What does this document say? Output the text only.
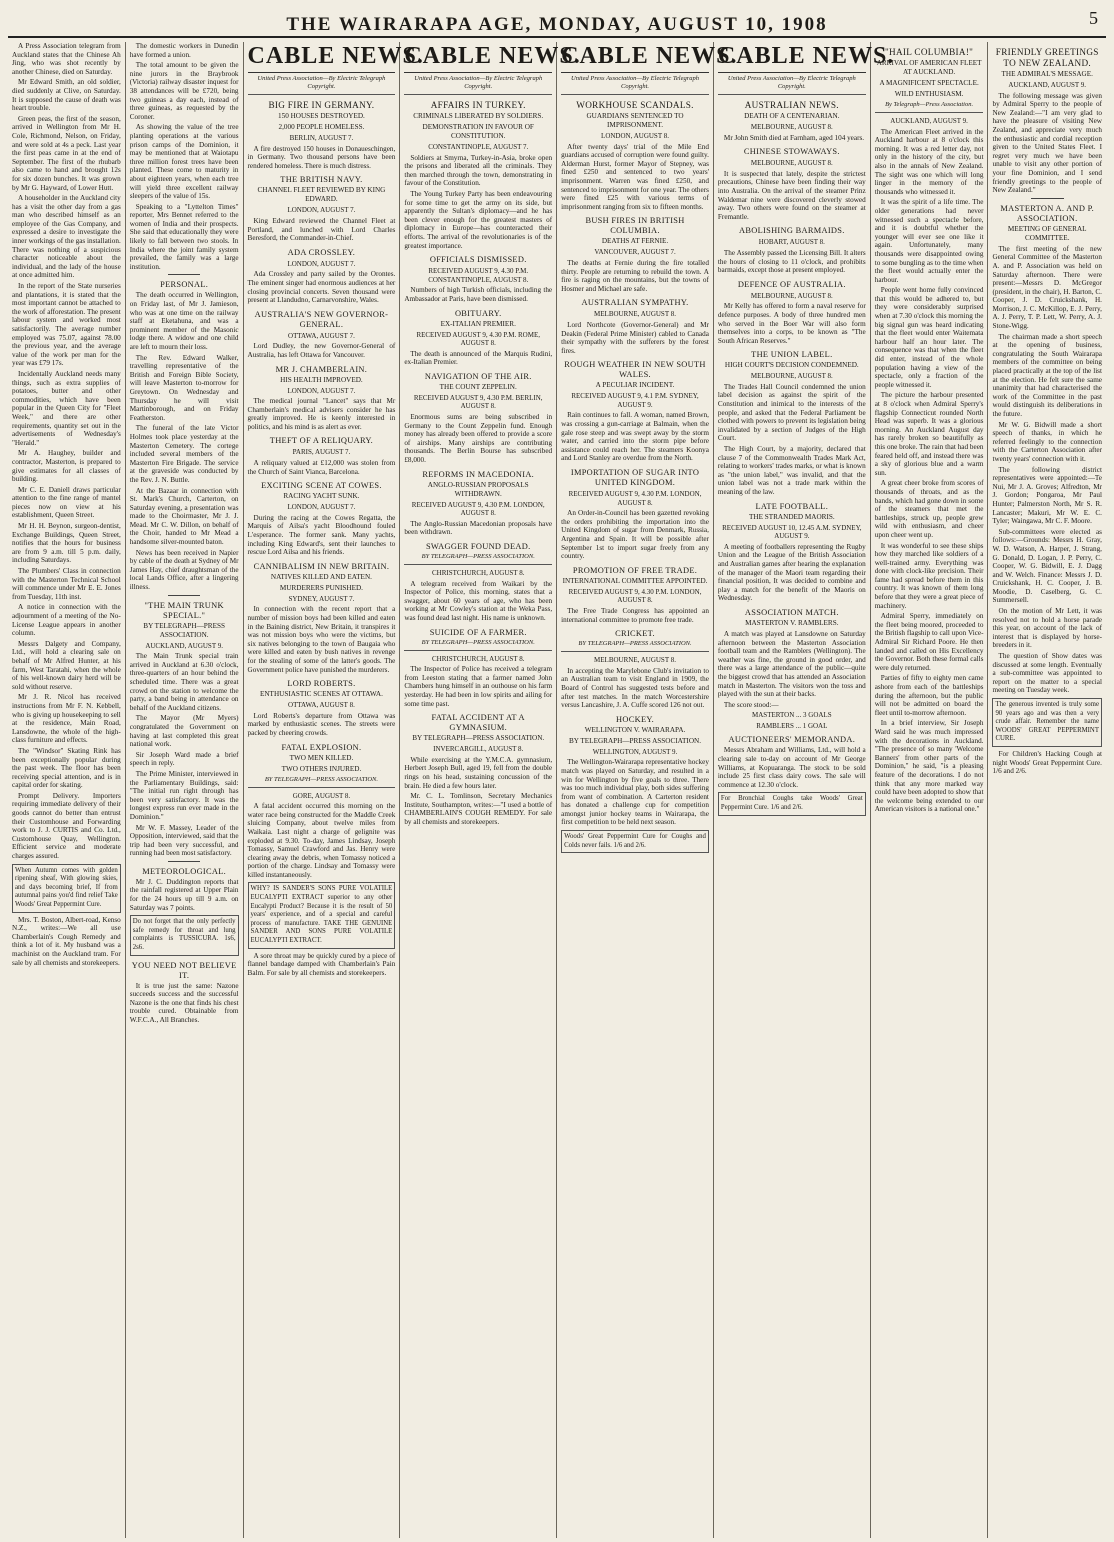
THE WAIRARAPA AGE, MONDAY, AUGUST 10, 1908	5

A Press Association telegram from Auckland states that the Chinese Ah Jing, who was shot recently by another Chinese, died on Saturday.

Mr Edward Smith, an old soldier, died suddenly at Clive, on Saturday. It is supposed the cause of death was heart trouble.

Green peas, the first of the season, arrived in Wellington from Mr H. Cole, Richmond, Nelson, on Friday, and were sold at 4s a peck. Last year the first peas came in at the end of September. The first of the rhubarb also came to hand and brought 12s for six dozen bunches. It was grown by Mr G. Hayward, of Lower Hutt.

A householder in the Auckland city has a visit the other day from a gas man who described himself as an employee of the Gas Company, and expressed a desire to investigate the inner workings of the gas installation. There was nothing of a suspicious character noticeable about the individual, and the lady of the house at once admitted him.

In the report of the State nurseries and plantations, it is stated that the most important cannot be attached to the work of afforestation. The present labour system and worked most satisfactorily. The average number employed was 75.07, against 78.00 the previous year, and the average value of the work per man for the year was £79 17s.

Incidentally Auckland needs many things, such as extra supplies of potatoes, butter and other commodities, which have been popular in the Queen City for "Fleet Week," and there are other requirements, quantity set out in the advertisements of Wednesday's "Herald."

Mr A. Haughey, builder and contractor, Masterton, is prepared to give estimates for all classes of building.

Mr C. E. Daniell draws particular attention to the fine range of mantel pieces now on view at his establishment, Queen Street.

Mr H. H. Beynon, surgeon-dentist, Exchange Buildings, Queen Street, notifies that the hours for business are from 9 a.m. till 5 p.m. daily, including Saturdays.

The Plumbers' Class in connection with the Masterton Technical School will commence under Mr E. E. Jones from Tuesday, 11th inst.

A notice in connection with the adjournment of a meeting of the No-License League appears in another column.

Messrs Dalgety and Company, Ltd., will hold a clearing sale on behalf of Mr Alfred Hunter, at his farm, West Taratahi, when the whole of his well-known dairy herd will be sold without reserve.

Mr J. R. Nicol has received instructions from Mr F. N. Kebbell, who is giving up housekeeping to sell at the residence, Main Road, Lansdowne, the whole of the high-class furniture and effects.

The "Windsor" Skating Rink has been exceptionally popular during the past week. The floor has been receiving special attention, and is in capital order for skating.

Prompt Delivery. Importers requiring immediate delivery of their goods cannot do better than entrust their Customhouse and Forwarding work to J. J. CURTIS and Co. Ltd., Customhouse Quay, Wellington. Efficient service and moderate charges assured.

When Autumn comes with golden ripening sheaf, With glowing skies, and days becoming brief, If from autumnal pains you'd find relief Take Woods' Great Peppermint Cure.

Mrs. T. Boston, Albert-road, Kenso N.Z., writes:—We all use Chamberlain's Cough Remedy and think a lot of it. My husband was a machinist on the Auckland tram. For sale by all chemists and storekeepers.

The domestic workers in Dunedin have formed a union.

The total amount to be given the nine jurors in the Braybrook (Victoria) railway disaster inquest for 38 attendances will be £720, being two guineas a day each, instead of three guineas, as requested by the Coroner.

As showing the value of the tree planting operations at the various prison camps of the Dominion, it may be mentioned that at Waiotapu three million forest trees have been planted. These come to maturity in about eighteen years, when each tree will yield three excellent railway sleepers of the value of 15s.

Speaking to a "Lyttelton Times" reporter, Mrs Bennet referred to the women of India and their prospects. She said that educationally they were likely to fall between two stools. In India where the joint family system prevailed, the family was a large institution.

PERSONAL.

The death occurred in Wellington, on Friday last, of Mr J. Jamieson, who was at one time on the railway staff at Eketahuna, and was a prominent member of the Masonic lodge there. A widow and one child are left to mourn their loss.

The Rev. Edward Walker, travelling representative of the British and Foreign Bible Society, will leave Masterton to-morrow for Greytown. On Wednesday and Thursday he will visit Martinborough, and on Friday Featherston.

The funeral of the late Victor Holmes took place yesterday at the Masterton Cemetery. The cortege included several members of the Masterton Fire Brigade. The service at the graveside was conducted by the Rev. J. N. Buttle.

At the Bazaar in connection with St. Mark's Church, Carterton, on Saturday evening, a presentation was made to the Choirmaster, Mr J. J. Mead. Mr C. W. Dillon, on behalf of the Choir, handed to Mr Mead a handsome silver-mounted baton.

News has been received in Napier by cable of the death at Sydney of Mr James Hay, chief draughtsman of the local Lands Office, after a lingering illness.

"THE MAIN TRUNK SPECIAL."
BY TELEGRAPH—PRESS ASSOCIATION.
AUCKLAND, AUGUST 9.

The Main Trunk special train arrived in Auckland at 6.30 o'clock, three-quarters of an hour behind the scheduled time. There was a great crowd on the station to welcome the party, a band being in attendance on behalf of the Auckland citizens.

The Mayor (Mr Myers) congratulated the Government on having at last completed this great national work.

Sir Joseph Ward made a brief speech in reply.

The Prime Minister, interviewed in the Parliamentary Buildings, said: "The initial run right through has been very satisfactory. It was the longest express run ever made in the Dominion."

Mr W. F. Massey, Leader of the Opposition, interviewed, said that the trip had been very successful, and running had been most satisfactory.

METEOROLOGICAL.

Mr J. C. Duddington reports that the rainfall registered at Upper Plain for the 24 hours up till 9 a.m. on Saturday was 7 points.

Do not forget that the only perfectly safe remedy for throat and lung complaints is TUSSICURA. 1s6, 2s6.
YOU NEED NOT BELIEVE IT.

It is true just the same: Nazone succeeds success and the successful Nazone is the one that finds his chest trouble cured. Obtainable from W.F.C.A., All Branches.

CABLE NEWS.
United Press Association—By Electric Telegraph Copyright.
BIG FIRE IN GERMANY.
150 HOUSES DESTROYED.
2,000 PEOPLE HOMELESS.
BERLIN, AUGUST 7.

A fire destroyed 150 houses in Donaueschingen, in Germany. Two thousand persons have been rendered homeless. There is much distress.

THE BRITISH NAVY.
CHANNEL FLEET REVIEWED BY KING EDWARD.
LONDON, AUGUST 7.

King Edward reviewed the Channel Fleet at Portland, and lunched with Lord Charles Beresford, the Commander-in-Chief.

ADA CROSSLEY.
LONDON, AUGUST 7.

Ada Crossley and party sailed by the Orontes. The eminent singer had enormous audiences at her closing provincial concerts. Seven thousand were present at Llandudno, Carnarvonshire, Wales.

AUSTRALIA'S NEW GOVERNOR-GENERAL.
OTTAWA, AUGUST 7.

Lord Dudley, the new Governor-General of Australia, has left Ottawa for Vancouver.

MR J. CHAMBERLAIN.
HIS HEALTH IMPROVED.
LONDON, AUGUST 7.

The medical journal "Lancet" says that Mr Chamberlain's medical advisers consider he has greatly improved. He is keenly interested in politics, and his mind is as alert as ever.

THEFT OF A RELIQUARY.
PARIS, AUGUST 7.

A reliquary valued at £12,000 was stolen from the Church of Saint Vianca, Barcelona.

EXCITING SCENE AT COWES.
RACING YACHT SUNK.
LONDON, AUGUST 7.

During the racing at the Cowes Regatta, the Marquis of Ailsa's yacht Bloodhound fouled L'esperance. The former sank. Many yachts, including King Edward's, sent their launches to rescue Lord Ailsa and his friends.

CANNIBALISM IN NEW BRITAIN.
NATIVES KILLED AND EATEN.
MURDERERS PUNISHED.
SYDNEY, AUGUST 7.

In connection with the recent report that a number of mission boys had been killed and eaten in the Baining district, New Britain, it transpires it was not mission boys who were the victims, but six natives belonging to the town of Baugaia who were killed and eaten by bush natives in revenge for the stealing of some of the latter's goods. The Government police have punished the murderers.

LORD ROBERTS.
ENTHUSIASTIC SCENES AT OTTAWA.
OTTAWA, AUGUST 8.

Lord Roberts's departure from Ottawa was marked by enthusiastic scenes. The streets were packed by cheering crowds.

FATAL EXPLOSION.
TWO MEN KILLED.
TWO OTHERS INJURED.
BY TELEGRAPH—PRESS ASSOCIATION.
GORE, AUGUST 8.

A fatal accident occurred this morning on the water race being constructed for the Maddle Creek sluicing Company, about twelve miles from Waikaia. Last night a charge of gelignite was exploded at 9.30. To-day, James Lindsay, Joseph Tomassy, Samuel Crawford and Jas. Henry were clearing away the debris, when Tomassy noticed a portion of the charge. Lindsay and Tomassy were killed instantaneously.

WHY? IS SANDER'S SONS PURE VOLATILE EUCALYPTI EXTRACT superior to any other Eucalypti Product? Because it is the result of 50 years' experience, and of a special and careful process of manufacture. TAKE THE GENUINE SANDER AND SONS PURE VOLATILE EUCALYPTI EXTRACT.

A sore throat may be quickly cured by a piece of flannel bandage damped with Chamberlain's Pain Balm. For sale by all chemists and storekeepers.

CABLE NEWS.
United Press Association—By Electric Telegraph Copyright.
AFFAIRS IN TURKEY.
CRIMINALS LIBERATED BY SOLDIERS.
DEMONSTRATION IN FAVOUR OF CONSTITUTION.
CONSTANTINOPLE, AUGUST 7.

Soldiers at Smyrna, Turkey-in-Asia, broke open the prisons and liberated all the criminals. They then marched through the town, demonstrating in favour of the Constitution.

The Young Turkey Party has been endeavouring for some time to get the army on its side, but apparently the Sultan's diplomacy—and he has been clever enough for the greatest masters of diplomacy in Europe—has counteracted their efforts. The arrival of the revolutionaries is of the greatest importance.

OFFICIALS DISMISSED.
RECEIVED AUGUST 9, 4.30 P.M. CONSTANTINOPLE, AUGUST 8.

Numbers of high Turkish officials, including the Ambassador at Paris, have been dismissed.

OBITUARY.
EX-ITALIAN PREMIER.
RECEIVED AUGUST 9, 4.30 P.M. ROME, AUGUST 8.

The death is announced of the Marquis Rudini, ex-Italian Premier.

NAVIGATION OF THE AIR.
THE COUNT ZEPPELIN.
RECEIVED AUGUST 9, 4.30 P.M. BERLIN, AUGUST 8.

Enormous sums are being subscribed in Germany to the Count Zeppelin fund. Enough money has already been offered to provide a score of airships. Many airships are contributing thousands. The Berlin Bourse has subscribed £8,000.

REFORMS IN MACEDONIA.
ANGLO-RUSSIAN PROPOSALS WITHDRAWN.
RECEIVED AUGUST 9, 4.30 P.M. LONDON, AUGUST 8.

The Anglo-Russian Macedonian proposals have been withdrawn.

SWAGGER FOUND DEAD.
BY TELEGRAPH—PRESS ASSOCIATION.
CHRISTCHURCH, AUGUST 8.

A telegram received from Waikari by the Inspector of Police, this morning, states that a swagger, about 60 years of age, who has been working at Mr Cowley's station at the Weka Pass, was found dead last night. His name is unknown.

SUICIDE OF A FARMER.
BY TELEGRAPH—PRESS ASSOCIATION.
CHRISTCHURCH, AUGUST 8.

The Inspector of Police has received a telegram from Leeston stating that a farmer named John Chambers hung himself in an outhouse on his farm yesterday. He had been in low spirits and ailing for some time past.

FATAL ACCIDENT AT A GYMNASIUM.
BY TELEGRAPH—PRESS ASSOCIATION.
INVERCARGILL, AUGUST 8.

While exercising at the Y.M.C.A. gymnasium, Herbert Joseph Bull, aged 19, fell from the double rings on his head, sustaining concussion of the brain. He died a few hours later.

Mr. C. L. Tomlinson, Secretary Mechanics Institute, Southampton, writes:—"I used a bottle of CHAMBERLAIN'S COUGH REMEDY. For sale by all chemists and storekeepers.

CABLE NEWS.
United Press Association—By Electric Telegraph Copyright.
WORKHOUSE SCANDALS.
GUARDIANS SENTENCED TO IMPRISONMENT.
LONDON, AUGUST 8.

After twenty days' trial of the Mile End guardians accused of corruption were found guilty. Alderman Hurst, former Mayor of Stepney, was fined £250 and sentenced to two years' imprisonment. Warren was fined £250, and sentenced to imprisonment for one year. The others were fined £25 with various terms of imprisonment ranging from six to fifteen months.

BUSH FIRES IN BRITISH COLUMBIA.
DEATHS AT FERNIE.
VANCOUVER, AUGUST 7.

The deaths at Fernie during the fire totalled thirty. People are returning to rebuild the town. A fire is raging on the mountains, but the towns of Hosmer and Michael are safe.

AUSTRALIAN SYMPATHY.
MELBOURNE, AUGUST 8.

Lord Northcote (Governor-General) and Mr Deakin (Federal Prime Minister) cabled to Canada their sympathy with the sufferers by the forest fires.

ROUGH WEATHER IN NEW SOUTH WALES.
A PECULIAR INCIDENT.
RECEIVED AUGUST 9, 4.1 P.M. SYDNEY, AUGUST 9.

Rain continues to fall. A woman, named Brown, was crossing a gun-carriage at Balmain, when the gale rose steep and was swept away by the storm water, and carried into the storm pipe before assistance could reach her. The steamers Koonya and Lord Stanley are overdue from the North.

IMPORTATION OF SUGAR INTO UNITED KINGDOM.
RECEIVED AUGUST 9, 4.30 P.M. LONDON, AUGUST 8.

An Order-in-Council has been gazetted revoking the orders prohibiting the importation into the United Kingdom of sugar from Denmark, Russia, Argentina and Spain. It will be possible after September 1st to import sugar freely from any country.

PROMOTION OF FREE TRADE.
INTERNATIONAL COMMITTEE APPOINTED.
RECEIVED AUGUST 9, 4.30 P.M. LONDON, AUGUST 8.

The Free Trade Congress has appointed an international committee to promote free trade.

CRICKET.
BY TELEGRAPH—PRESS ASSOCIATION.
MELBOURNE, AUGUST 8.

In accepting the Marylebone Club's invitation to an Australian team to visit England in 1909, the Board of Control has suggested tests before and after test matches. In the match Worcestershire versus Lancashire, J. A. Cuffe scored 126 not out.

HOCKEY.
WELLINGTON V. WAIRARAPA.
BY TELEGRAPH—PRESS ASSOCIATION.
WELLINGTON, AUGUST 9.

The Wellington-Wairarapa representative hockey match was played on Saturday, and resulted in a win for Wellington by five goals to three. There was too much individual play, both sides suffering from want of combination. A Carterton resident has donated a challenge cup for competition amongst junior hockey teams in Wairarapa, the first competition to be held next season.

Woods' Great Peppermint Cure for Coughs and Colds never fails. 1/6 and 2/6.
CABLE NEWS.
United Press Association—By Electric Telegraph Copyright.
AUSTRALIAN NEWS.
DEATH OF A CENTENARIAN.
MELBOURNE, AUGUST 8.

Mr John Smith died at Farnham, aged 104 years.

CHINESE STOWAWAYS.
MELBOURNE, AUGUST 8.

It is suspected that lately, despite the strictest precautions, Chinese have been finding their way into Australia. On the arrival of the steamer Prinz Waldemar nine were discovered cleverly stowed away. Two others were found on the steamer at Fremantle.

ABOLISHING BARMAIDS.
HOBART, AUGUST 8.

The Assembly passed the Licensing Bill. It alters the hours of closing to 11 o'clock, and prohibits barmaids, except those at present employed.

DEFENCE OF AUSTRALIA.
MELBOURNE, AUGUST 8.

Mr Kelly has offered to form a naval reserve for defence purposes. A body of three hundred men who served in the Boer War will also form themselves into a corps, to be known as "The South African Reserves."

THE UNION LABEL.
HIGH COURT'S DECISION CONDEMNED.
MELBOURNE, AUGUST 8.

The Trades Hall Council condemned the union label decision as against the spirit of the Constitution and inimical to the interests of the people, and asked that the Federal Parliament be clothed with powers to prevent its legislation being invalidated by a section of Judges of the High Court.

The High Court, by a majority, declared that clause 7 of the Commonwealth Trades Mark Act, relating to workers' trades marks, or what is known as "the union label," was invalid, and that the union label was not a trade mark within the meaning of the law.

LATE FOOTBALL.
THE STRANDED MAORIS.
RECEIVED AUGUST 10, 12.45 A.M. SYDNEY, AUGUST 9.

A meeting of footballers representing the Rugby Union and the League of the British Association and Australian games after hearing the explanation of the manager of the Maori team regarding their financial position, It was decided to combine and play a match for the benefit of the Maoris on Wednesday.

ASSOCIATION MATCH.
MASTERTON V. RAMBLERS.

A match was played at Lansdowne on Saturday afternoon between the Masterton Association football team and the Ramblers (Wellington). The weather was fine, the ground in good order, and there was a large attendance of the public—quite the biggest crowd that has attended an Association match in Masterton. The visitors won the toss and played with the sun at their backs.

The score stood:—

MASTERTON ... 3 GOALS
RAMBLERS ... 1 GOAL
AUCTIONEERS' MEMORANDA.

Messrs Abraham and Williams, Ltd., will hold a clearing sale to-day on account of Mr George Williams, at Kopuaranga. The stock to be sold include 25 first class dairy cows. The sale will commence at 12.30 o'clock.

For Bronchial Coughs take Woods' Great Peppermint Cure. 1/6 and 2/6.
"HAIL COLUMBIA!"
ARRIVAL OF AMERICAN FLEET AT AUCKLAND.
A MAGNIFICENT SPECTACLE.
WILD ENTHUSIASM.
By Telegraph—Press Association.
AUCKLAND, AUGUST 9.

The American Fleet arrived in the Auckland harbour at 8 o'clock this morning. It was a red letter day, not only in the history of the city, but also in the annals of New Zealand. The sight was one which will long linger in the memory of the thousands who witnessed it.

It was the spirit of a life time. The older generations had never witnessed such a spectacle before, and it is doubtful whether the younger will ever see one like it again. Unfortunately, many thousands were disappointed owing to some bungling as to the time when the fleet would actually enter the harbour.

People went home fully convinced that this would be adhered to, but they were considerably surprised when at 7.30 o'clock this morning the big signal gun was heard indicating that the fleet would enter Waitemata harbour half an hour later. The consequence was that when the fleet did enter, instead of the whole population having a view of the spectacle, only a fraction of the people witnessed it.

The picture the harbour presented at 8 o'clock when Admiral Sperry's flagship Connecticut rounded North Head was superb. It was a glorious morning. An Auckland August day has rarely broken so beautifully as this one broke. The rain that had been feared held off, and instead there was a sky of glorious blue and a warm sun.

A great cheer broke from scores of thousands of throats, and as the bands, which had gone down in some of the steamers that met the battleships, struck up, people grew wild with enthusiasm, and cheer upon cheer went up.

It was wonderful to see these ships how they marched like soldiers of a well-trained army. Everything was done with clock-like precision. Their fame had spread before them in this country. It was known of them long before that they were a great piece of machinery.

Admiral Sperry, immediately on the fleet being moored, proceeded to the British flagship to call upon Vice-Admiral Sir Richard Poore. He then landed and called on His Excellency the Governor. Both these formal calls were duly returned.

Parties of fifty to eighty men came ashore from each of the battleships during the afternoon, but the public will not be admitted on board the fleet until to-morrow afternoon.

In a brief interview, Sir Joseph Ward said he was much impressed with the decorations in Auckland. "The presence of so many 'Welcome Banners' from other parts of the Dominion," he said, "is a pleasing feature of the decorations. I do not think that any more marked way could have been adopted to show that the welcome being extended to our American visitors is a national one."

FRIENDLY GREETINGS TO NEW ZEALAND.
THE ADMIRAL'S MESSAGE.
AUCKLAND, AUGUST 9.

The following message was given by Admiral Sperry to the people of New Zealand:—"I am very glad to have the pleasure of visiting New Zealand, and appreciate very much the enthusiastic and cordial reception given to the United States Fleet. I regret very much we have been unable to visit any other portion of your fine Dominion, and I send friendly greetings to the people of New Zealand."

MASTERTON A. AND P. ASSOCIATION.
MEETING OF GENERAL COMMITTEE.

The first meeting of the new General Committee of the Masterton A. and P. Association was held on Saturday afternoon. There were present:—Messrs D. McGregor (president, in the chair), H. Barton, C. Cooper, J. D. Cruickshank, H. Morrison, J. C. McKillop, E. J. Perry, A. J. Perry, T. P. Lett, W. Perry, A. J. Stone-Wigg.

The chairman made a short speech at the opening of business, congratulating the South Wairarapa members of the committee on being placed practically at the top of the list at the election. He felt sure the same unanimity that had characterised the work of the Committee in the past would distinguish its deliberations in the future.

Mr W. G. Bidwill made a short speech of thanks, in which he referred feelingly to the connection with the Carterton Association after twenty years' connection with it.

The following district representatives were appointed:—Te Nui, Mr J. A. Groves; Alfredton, Mr J. Gordon; Pongaroa, Mr Paul Hunter; Palmerston North, Mr S. R. Lancaster; Makuri, Mr W. E. C. Tyler; Waingawa, Mr C. F. Moore.

Sub-committees were elected as follows:—Grounds: Messrs H. Gray, W. D. Watson, A. Harper, J. Strang, G. Donald, D. Logan, J. P. Perry, C. Cooper, W. G. Bidwill, E. J. Dagg and W. Welch. Finance: Messrs J. D. Cruickshank, H. C. Cooper, J. B. Moodie, D. Caselberg, G. C. Summersell.

On the motion of Mr Lett, it was resolved not to hold a horse parade this year, on account of the lack of interest that is displayed by horse-breeders in it.

The question of Show dates was discussed at some length. Eventually a sub-committee was appointed to report on the matter to a special meeting on Tuesday week.

The generous invented is truly some 90 years ago and was then a very crude affair. Remember the name WOODS' GREAT PEPPERMINT CURE.

For Children's Hacking Cough at night Woods' Great Peppermint Cure. 1/6 and 2/6.
